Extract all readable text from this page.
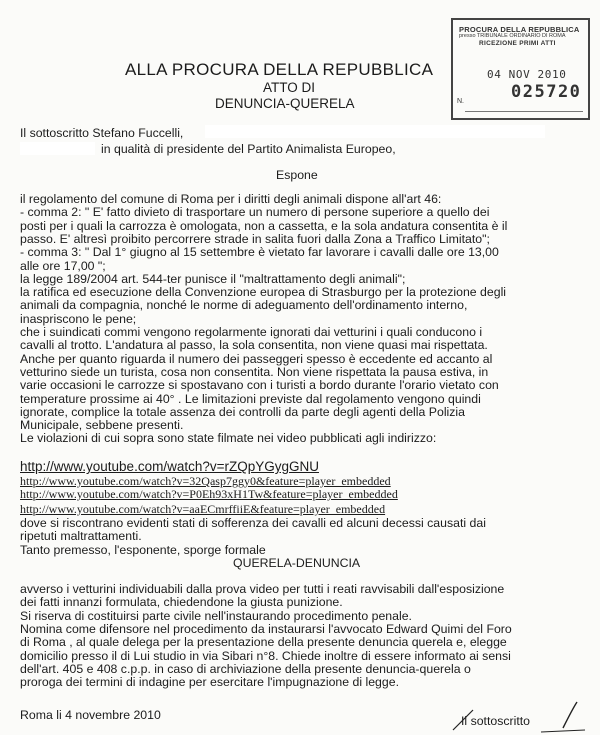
PROCURA DELLA REPUBBLICA
presso TRIBUNALE ORDINARIO DI ROMA
RICEZIONE PRIMI ATTI
04 NOV 2010
025720
N.
ALLA PROCURA DELLA REPUBBLICA
ATTO DI
DENUNCIA-QUERELA
Il sottoscritto Stefano Fuccelli,
in qualità di presidente del Partito Animalista Europeo,
Espone
il regolamento del comune di Roma per i diritti degli animali dispone all'art 46:
- comma 2: " E' fatto divieto di trasportare un numero di persone superiore a quello dei
posti per i quali la carrozza è omologata, non a cassetta, e la sola andatura consentita è il
passo. E' altresì proibito percorrere strade in salita fuori dalla Zona a Traffico Limitato";
- comma 3: " Dal 1° giugno al 15 settembre è vietato far lavorare i cavalli dalle ore 13,00
alle ore 17,00 ";
la legge 189/2004 art. 544-ter punisce il "maltrattamento degli animali";
la ratifica ed esecuzione della Convenzione europea di Strasburgo per la protezione degli
animali da compagnia, nonché le norme di adeguamento dell'ordinamento interno,
inaspriscono le pene;
che i suindicati commi vengono regolarmente ignorati dai vetturini i quali conducono i
cavalli al trotto. L'andatura al passo, la sola consentita, non viene quasi mai rispettata.
Anche per quanto riguarda il numero dei passeggeri spesso è eccedente ed accanto al
vetturino siede un turista, cosa non consentita. Non viene rispettata la pausa estiva, in
varie occasioni le carrozze si spostavano con i turisti a bordo durante l'orario vietato con
temperature prossime ai 40° . Le limitazioni previste dal regolamento vengono quindi
ignorate, complice la totale assenza dei controlli da parte degli agenti della Polizia
Municipale, sebbene presenti.
Le violazioni di cui sopra sono state filmate nei video pubblicati agli indirizzo:
http://www.youtube.com/watch?v=rZQpYGygGNU
http://www.youtube.com/watch?v=32Qasp7ggy0&feature=player_embedded
http://www.youtube.com/watch?v=P0Eh93xH1Tw&feature=player_embedded
http://www.youtube.com/watch?v=aaECmrffiiE&feature=player_embedded
dove si riscontrano evidenti stati di sofferenza dei cavalli ed alcuni decessi causati dai
ripetuti maltrattamenti.
Tanto premesso, l'esponente, sporge formale
QUERELA-DENUNCIA
avverso i vetturini individuabili dalla prova video per tutti i reati ravvisabili dall'esposizione
dei fatti innanzi formulata, chiedendone la giusta punizione.
Si riserva di costituirsi parte civile nell'instaurando procedimento penale.
Nomina come difensore nel procedimento da instaurarsi l'avvocato Edward Quimi del Foro
di Roma , al quale delega per la presentazione della presente denuncia querela e, elegge
domicilio presso il di Lui studio in via Sibari n°8. Chiede inoltre di essere informato ai sensi
dell'art. 405 e 408 c.p.p. in caso di archiviazione della presente denuncia-querela o
proroga dei termini di indagine per esercitare l'impugnazione di legge.
Roma li 4 novembre 2010	Il sottoscritto
